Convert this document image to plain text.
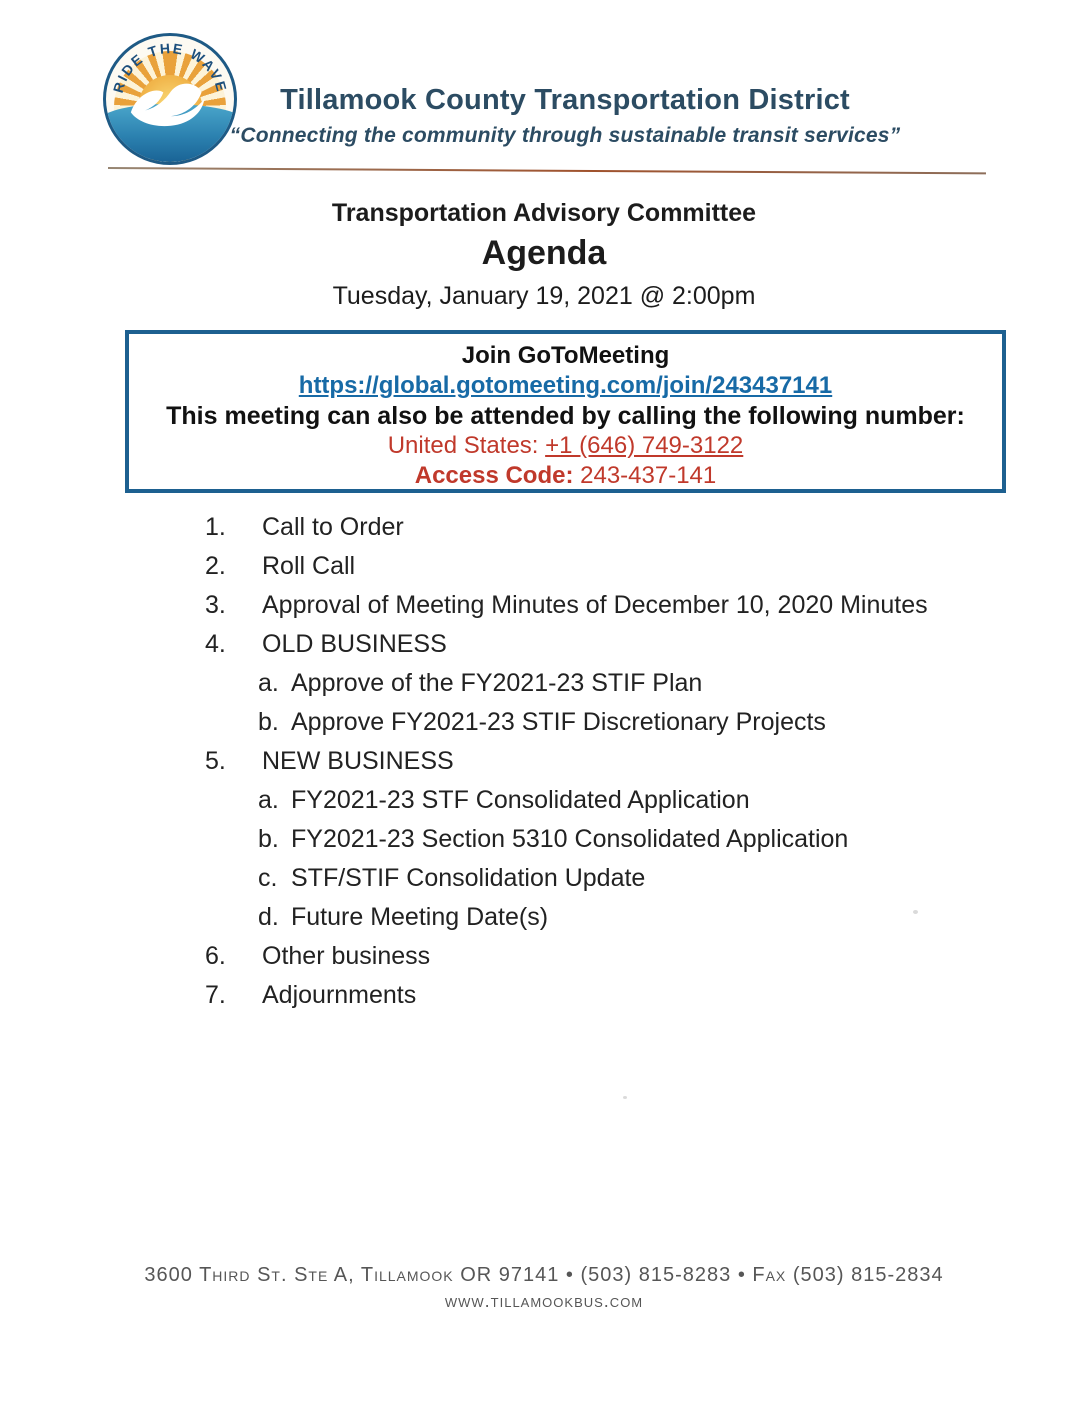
RIDE THE WAVE	Tillamook County Transportation District
“Connecting the community through sustainable transit services”
Transportation Advisory Committee
Agenda
Tuesday, January 19, 2021 @ 2:00pm
Join GoToMeeting
https://global.gotomeeting.com/join/243437141
This meeting can also be attended by calling the following number:
United States: +1 (646) 749-3122
Access Code: 243-437-141
1.	Call to Order
2.	Roll Call
3.	Approval of Meeting Minutes of December 10, 2020 Minutes
4.	OLD BUSINESS
a. Approve of the FY2021-23 STIF Plan
b. Approve FY2021-23 STIF Discretionary Projects
5.	NEW BUSINESS
a. FY2021-23 STF Consolidated Application
b. FY2021-23 Section 5310 Consolidated Application
c. STF/STIF Consolidation Update
d. Future Meeting Date(s)
6.	Other business
7.	Adjournments
3600 Third St. Ste A, Tillamook OR 97141 • (503) 815-8283 • Fax (503) 815-2834
www.tillamookbus.com
